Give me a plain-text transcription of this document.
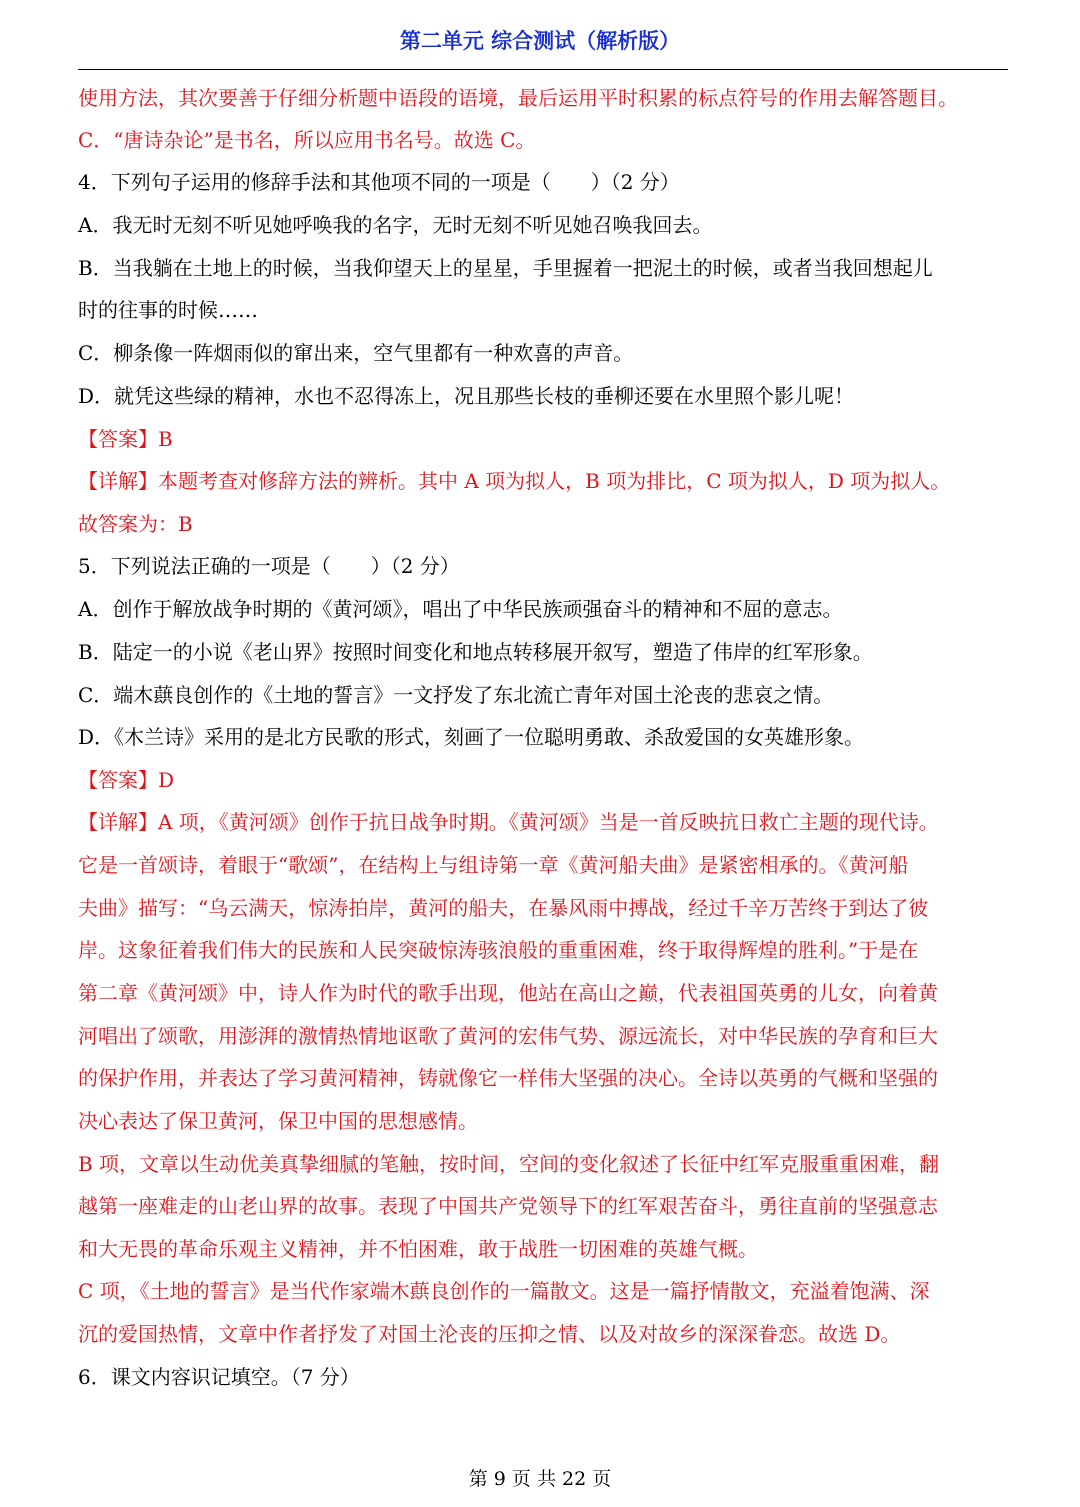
第二单元 综合测试（解析版）
使用方法，其次要善于仔细分析题中语段的语境，最后运用平时积累的标点符号的作用去解答题目。
C．“唐诗杂论”是书名，所以应用书名号。故选 C。
4．下列句子运用的修辞手法和其他项不同的一项是（　　）（2 分）
A．我无时无刻不听见她呼唤我的名字，无时无刻不听见她召唤我回去。
B．当我躺在土地上的时候，当我仰望天上的星星，手里握着一把泥土的时候，或者当我回想起儿
时的往事的时候……
C．柳条像一阵烟雨似的窜出来，空气里都有一种欢喜的声音。
D．就凭这些绿的精神，水也不忍得冻上，况且那些长枝的垂柳还要在水里照个影儿呢！
【答案】B
【详解】本题考查对修辞方法的辨析。其中 A 项为拟人，B 项为排比，C 项为拟人，D 项为拟人。
故答案为：B
5．下列说法正确的一项是（　　）（2 分）
A．创作于解放战争时期的《黄河颂》，唱出了中华民族顽强奋斗的精神和不屈的意志。
B．陆定一的小说《老山界》按照时间变化和地点转移展开叙写，塑造了伟岸的红军形象。
C．端木蕻良创作的《土地的誓言》一文抒发了东北流亡青年对国土沦丧的悲哀之情。
D．《木兰诗》采用的是北方民歌的形式，刻画了一位聪明勇敢、杀敌爱国的女英雄形象。
【答案】D
【详解】A 项，《黄河颂》创作于抗日战争时期。《黄河颂》当是一首反映抗日救亡主题的现代诗。
它是一首颂诗，着眼于“歌颂”，在结构上与组诗第一章《黄河船夫曲》是紧密相承的。《黄河船
夫曲》描写：“乌云满天，惊涛拍岸，黄河的船夫，在暴风雨中搏战，经过千辛万苦终于到达了彼
岸。这象征着我们伟大的民族和人民突破惊涛骇浪般的重重困难，终于取得辉煌的胜利。”于是在
第二章《黄河颂》中，诗人作为时代的歌手出现，他站在高山之巅，代表祖国英勇的儿女，向着黄
河唱出了颂歌，用澎湃的激情热情地讴歌了黄河的宏伟气势、源远流长，对中华民族的孕育和巨大
的保护作用，并表达了学习黄河精神，铸就像它一样伟大坚强的决心。全诗以英勇的气概和坚强的
决心表达了保卫黄河，保卫中国的思想感情。
B 项，文章以生动优美真挚细腻的笔触，按时间，空间的变化叙述了长征中红军克服重重困难，翻
越第一座难走的山老山界的故事。表现了中国共产党领导下的红军艰苦奋斗，勇往直前的坚强意志
和大无畏的革命乐观主义精神，并不怕困难，敢于战胜一切困难的英雄气概。
C 项，《土地的誓言》是当代作家端木蕻良创作的一篇散文。这是一篇抒情散文，充溢着饱满、深
沉的爱国热情，文章中作者抒发了对国土沦丧的压抑之情、以及对故乡的深深眷恋。故选 D。
6．课文内容识记填空。（7 分）
第 9 页 共 22 页
